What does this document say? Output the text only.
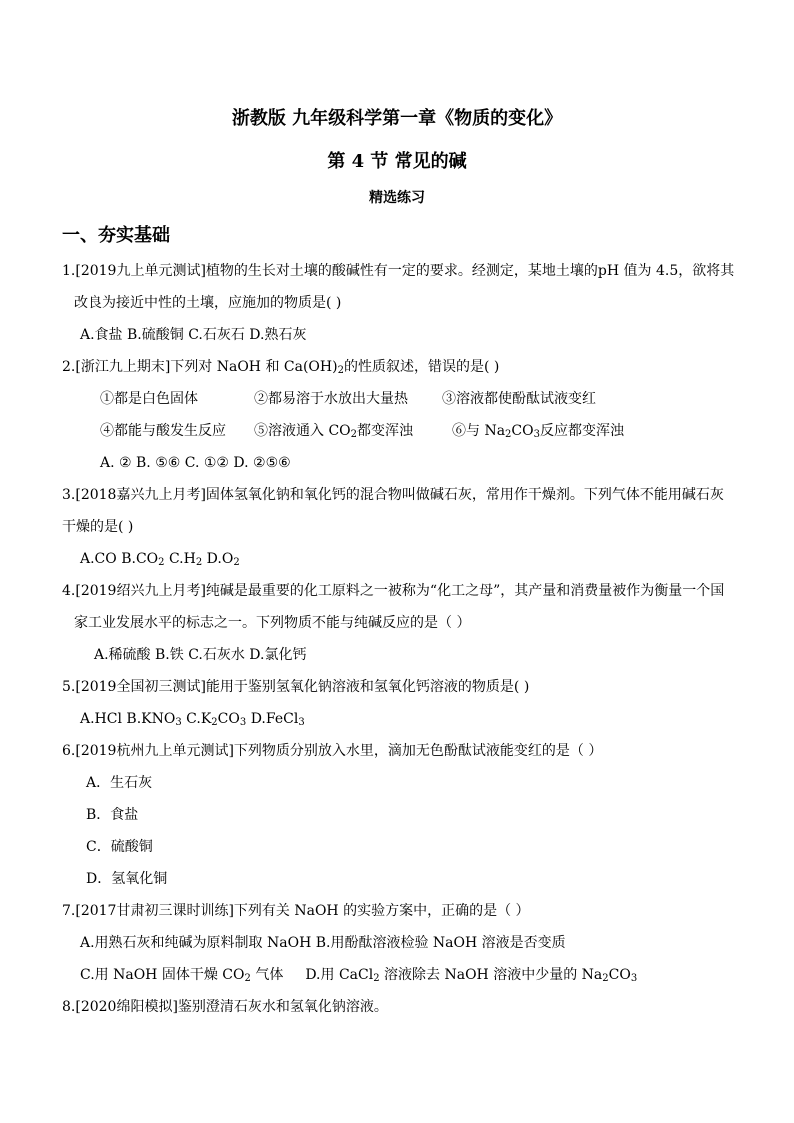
浙教版 九年级科学第一章《物质的变化》
第 4 节 常见的碱
精选练习
一、夯实基础
1.[2019九上单元测试]植物的生长对土壤的酸碱性有一定的要求。经测定，某地土壤的pH 值为 4.5，欲将其
改良为接近中性的土壤，应施加的物质是( )
A.食盐 B.硫酸铜 C.石灰石 D.熟石灰
2.[浙江九上期末]下列对 NaOH 和 $Ca(OH)_2$的性质叙述，错误的是( )
①都是白色固体	②都易溶于水放出大量热 ③溶液都使酚酞试液变红
④都能与酸发生反应 ⑤溶液通入 $CO_2$都变浑浊	⑥与 $Na_2CO_3$反应都变浑浊
A. ② B. ⑤⑥ C. ①② D. ②⑤⑥
3.[2018嘉兴九上月考]固体氢氧化钠和氧化钙的混合物叫做碱石灰，常用作干燥剂。下列气体不能用碱石灰
干燥的是( )
A.CO $B.CO_2$ $C.H_2$ $D.O_2$
4.[2019绍兴九上月考]纯碱是最重要的化工原料之一被称为“化工之母”，其产量和消费量被作为衡量一个国
家工业发展水平的标志之一。下列物质不能与纯碱反应的是（ ）
A.稀硫酸 B.铁 C.石灰水 D.氯化钙
5.[2019全国初三测试]能用于鉴别氢氧化钠溶液和氢氧化钙溶液的物质是( )
A.HCl $B.KNO_3$ $C.K_2CO_3$ D.FeCl$_3$
6.[2019杭州九上单元测试]下列物质分别放入水里，滴加无色酚酞试液能变红的是（ ）
A．生石灰
B．食盐
C．硫酸铜
D．氢氧化铜
7.[2017甘肃初三课时训练]下列有关 NaOH 的实验方案中，正确的是（ ）
A.用熟石灰和纯碱为原料制取 NaOH B.用酚酞溶液检验 NaOH 溶液是否变质
C.用 NaOH 固体干燥 $CO_2$ 气体 D.用 CaCl$_2$ 溶液除去 NaOH 溶液中少量的 $Na_2CO_3$
8.[2020绵阳模拟]鉴别澄清石灰水和氢氧化钠溶液。
